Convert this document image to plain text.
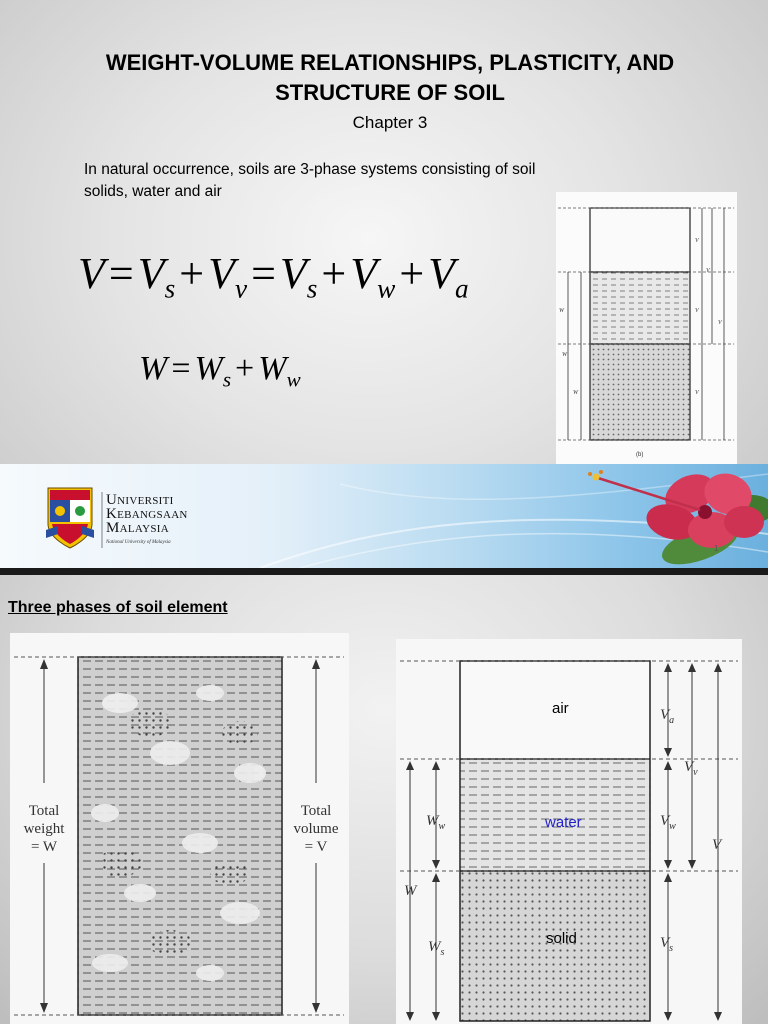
WEIGHT-VOLUME RELATIONSHIPS, PLASTICITY, AND
STRUCTURE OF SOIL
Chapter 3
In natural occurrence, soils are 3-phase systems consisting of soil solids, water and air
$V=V_s+V_v=V_s+V_w+V_a$
$W = W_s + W_w$
V
V
V
V
V
W
W
W
(b)
UNIVERSITI
KEBANGSAAN
MALAYSIA
National University of Malaysia
1
Three phases of soil element
Total
weight
= W
Total
volume
= V
$V_a$
$V_v$
$V_w$
V
$V_s$
$W_w$
W
$W_s$
air
water
solid
